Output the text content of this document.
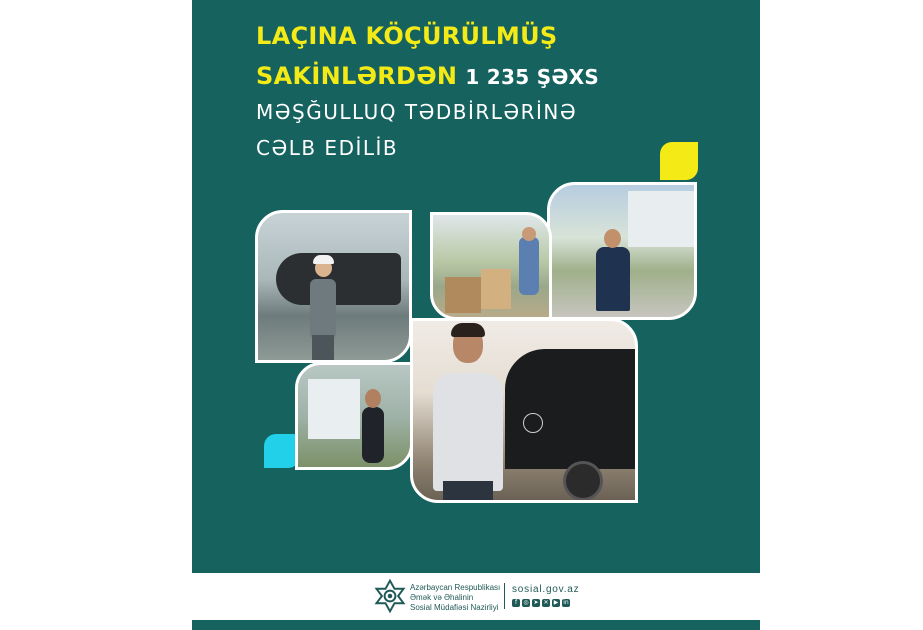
LAÇINA KÖÇÜRÜLMÜŞ
SAKİNLƏRDƏN 1 235 ŞƏXS
MƏŞĞULLUQ TƏDBİRLƏRİNƏ
CƏLB EDİLİB
Azərbaycan Respublikası
Əmək və Əhalinin
Sosial Müdafiəsi Nazirliyi
sosial.gov.az
f	◎ ➤ ✕ ▶ in
